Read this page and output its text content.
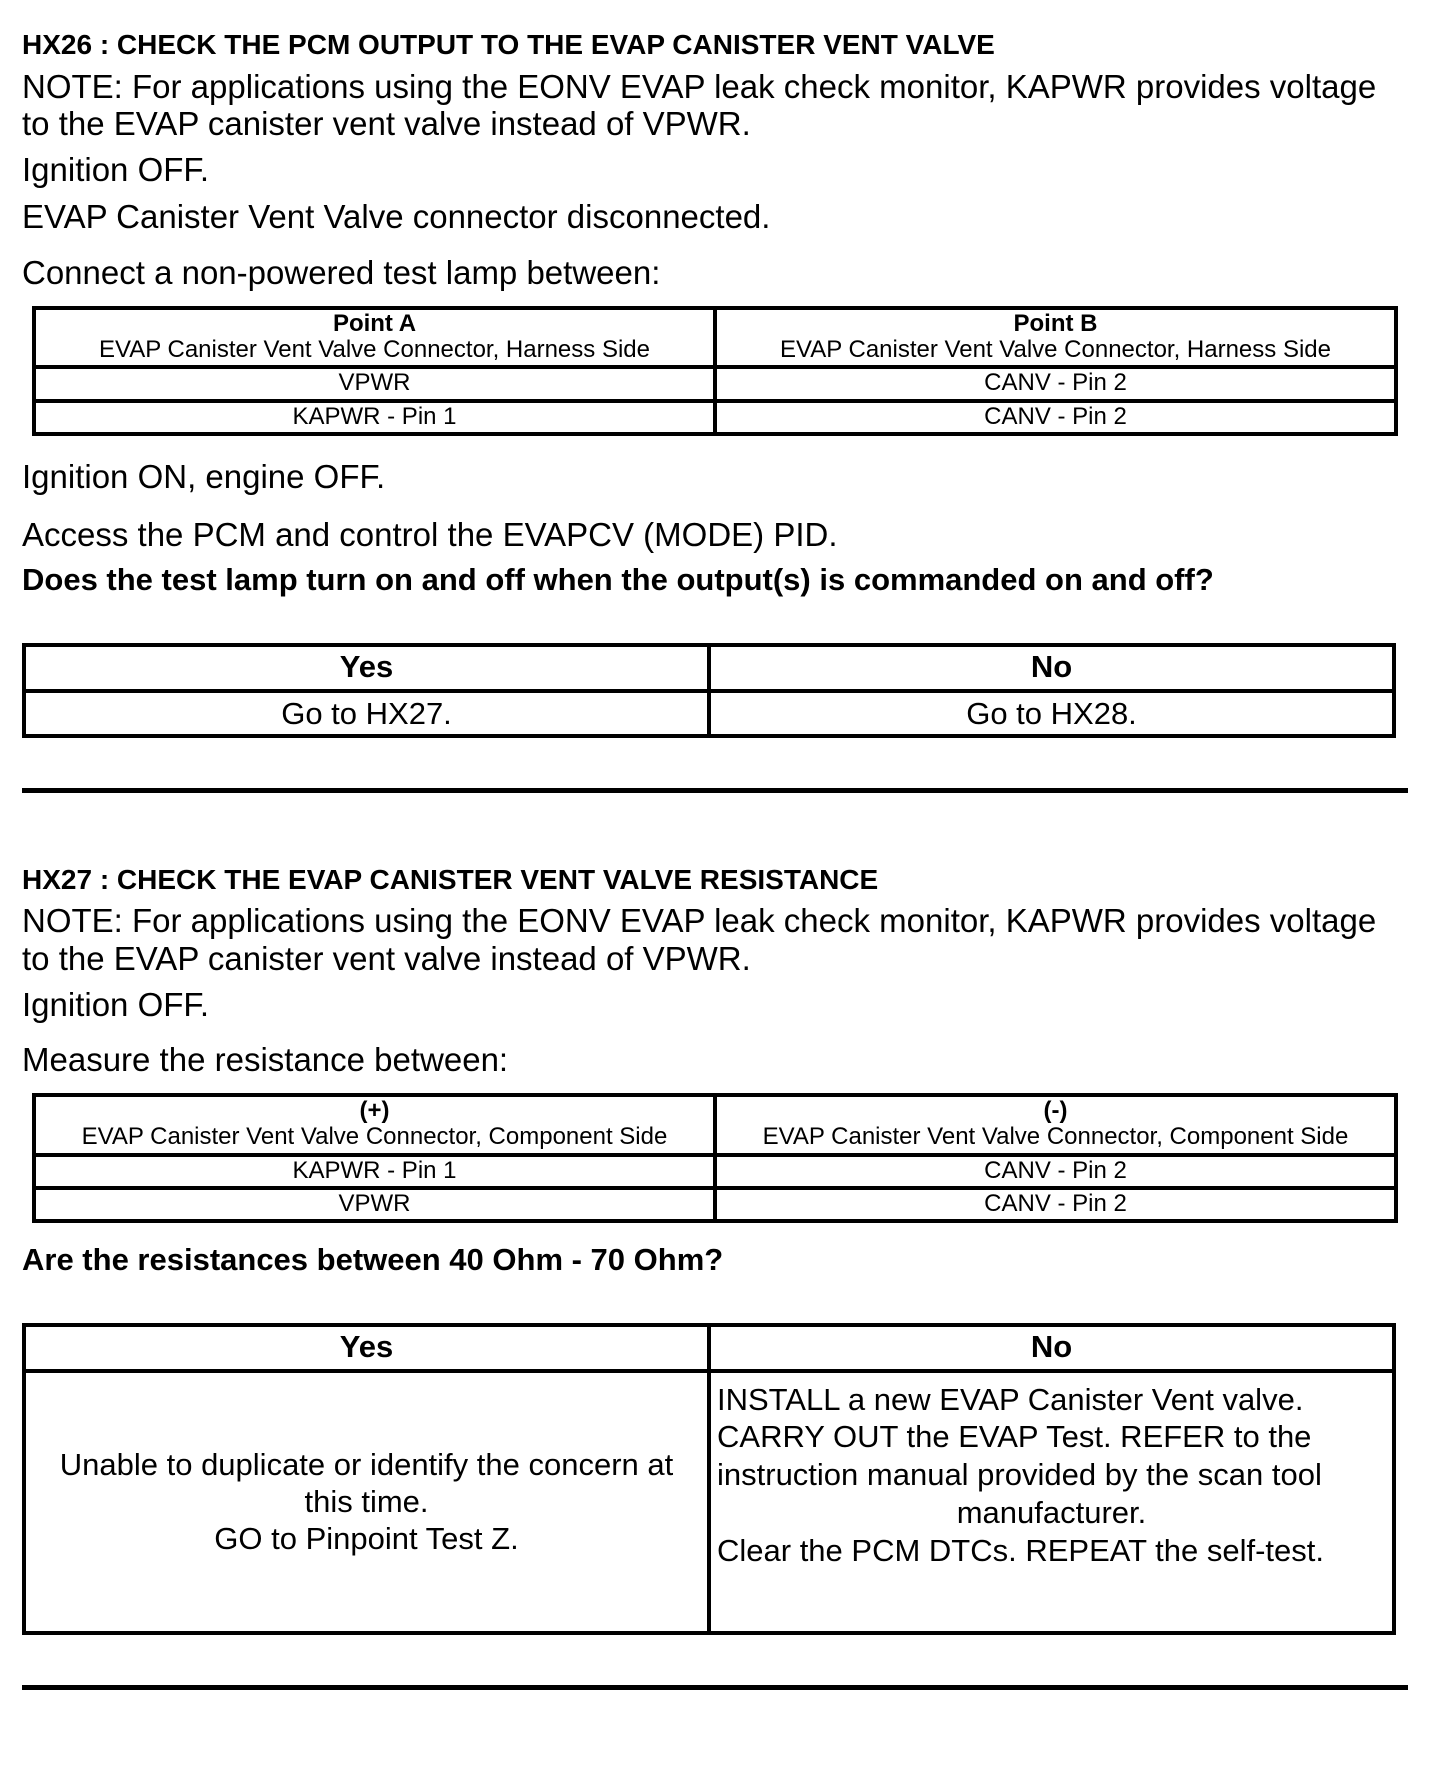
HX26 : CHECK THE PCM OUTPUT TO THE EVAP CANISTER VENT VALVE

NOTE: For applications using the EONV EVAP leak check monitor, KAPWR provides voltage
to the EVAP canister vent valve instead of VPWR.

Ignition OFF.

EVAP Canister Vent Valve connector disconnected.

Connect a non-powered test lamp between:

Point A
EVAP Canister Vent Valve Connector, Harness Side	Point B
EVAP Canister Vent Valve Connector, Harness Side

VPWR	CANV - Pin 2
KAPWR - Pin 1	CANV - Pin 2

Ignition ON, engine OFF.

Access the PCM and control the EVAPCV (MODE) PID.

Does the test lamp turn on and off when the output(s) is commanded on and off?

Yes	No
Go to HX27.	Go to HX28.
HX27 : CHECK THE EVAP CANISTER VENT VALVE RESISTANCE

NOTE: For applications using the EONV EVAP leak check monitor, KAPWR provides voltage
to the EVAP canister vent valve instead of VPWR.

Ignition OFF.

Measure the resistance between:

(+)
EVAP Canister Vent Valve Connector, Component Side	(-)
EVAP Canister Vent Valve Connector, Component Side

KAPWR - Pin 1	CANV - Pin 2
VPWR	CANV - Pin 2

Are the resistances between 40 Ohm - 70 Ohm?

Yes	No

Unable to duplicate or identify the concern at
this time.
GO to Pinpoint Test Z.	INSTALL a new EVAP Canister Vent valve.
CARRY OUT the EVAP Test. REFER to the
instruction manual provided by the scan tool
manufacturer.
Clear the PCM DTCs. REPEAT the self-test.
